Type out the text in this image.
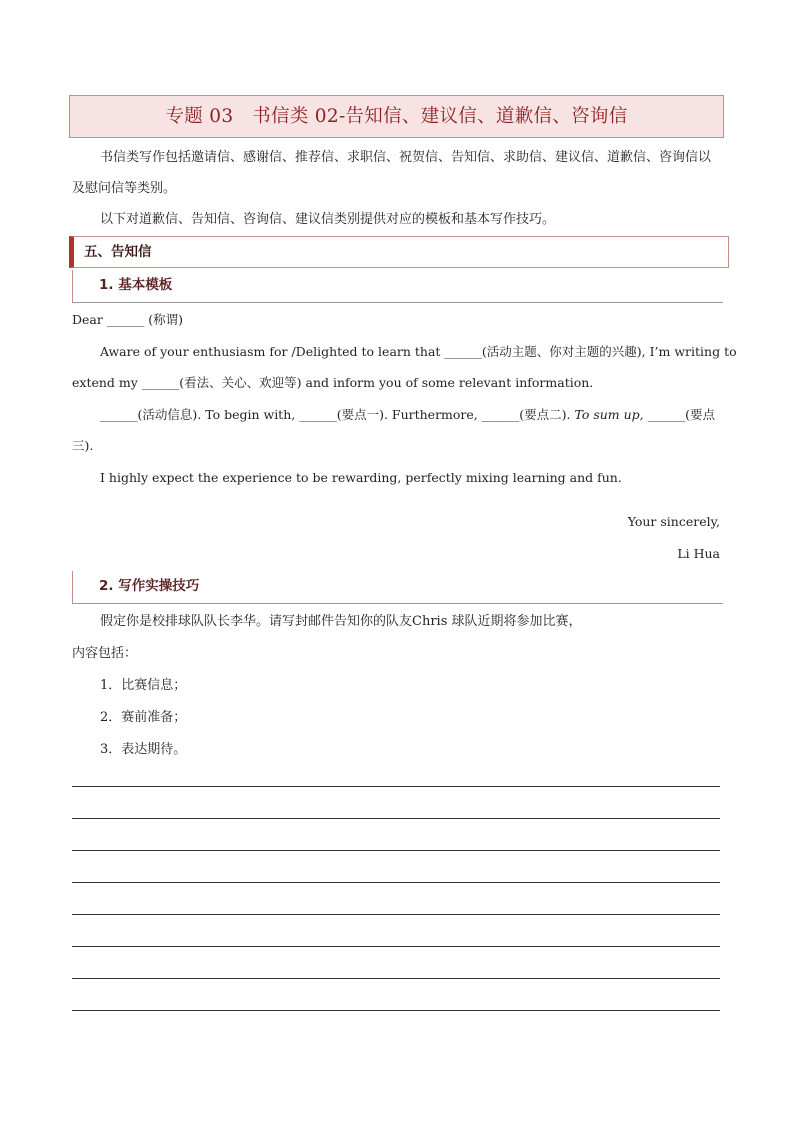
专题 03　书信类 02-告知信、建议信、道歉信、咨询信
书信类写作包括邀请信、感谢信、推荐信、求职信、祝贺信、告知信、求助信、建议信、道歉信、咨询信以及慰问信等类别。
以下对道歉信、告知信、咨询信、建议信类别提供对应的模板和基本写作技巧。
五、告知信
1. 基本模板
Dear ______ (称谓)
Aware of your enthusiasm for /Delighted to learn that ______(活动主题、你对主题的兴趣), I’m writing to
extend my ______(看法、关心、欢迎等) and inform you of some relevant information.
______(活动信息). To begin with, ______(要点一). Furthermore, ______(要点二). To sum up, ______(要点
三).
I highly expect the experience to be rewarding, perfectly mixing learning and fun.
Your sincerely,
Li Hua
2. 写作实操技巧
假定你是校排球队队长李华。请写封邮件告知你的队友Chris 球队近期将参加比赛，
内容包括：
1．比赛信息；
2．赛前准备；
3．表达期待。
